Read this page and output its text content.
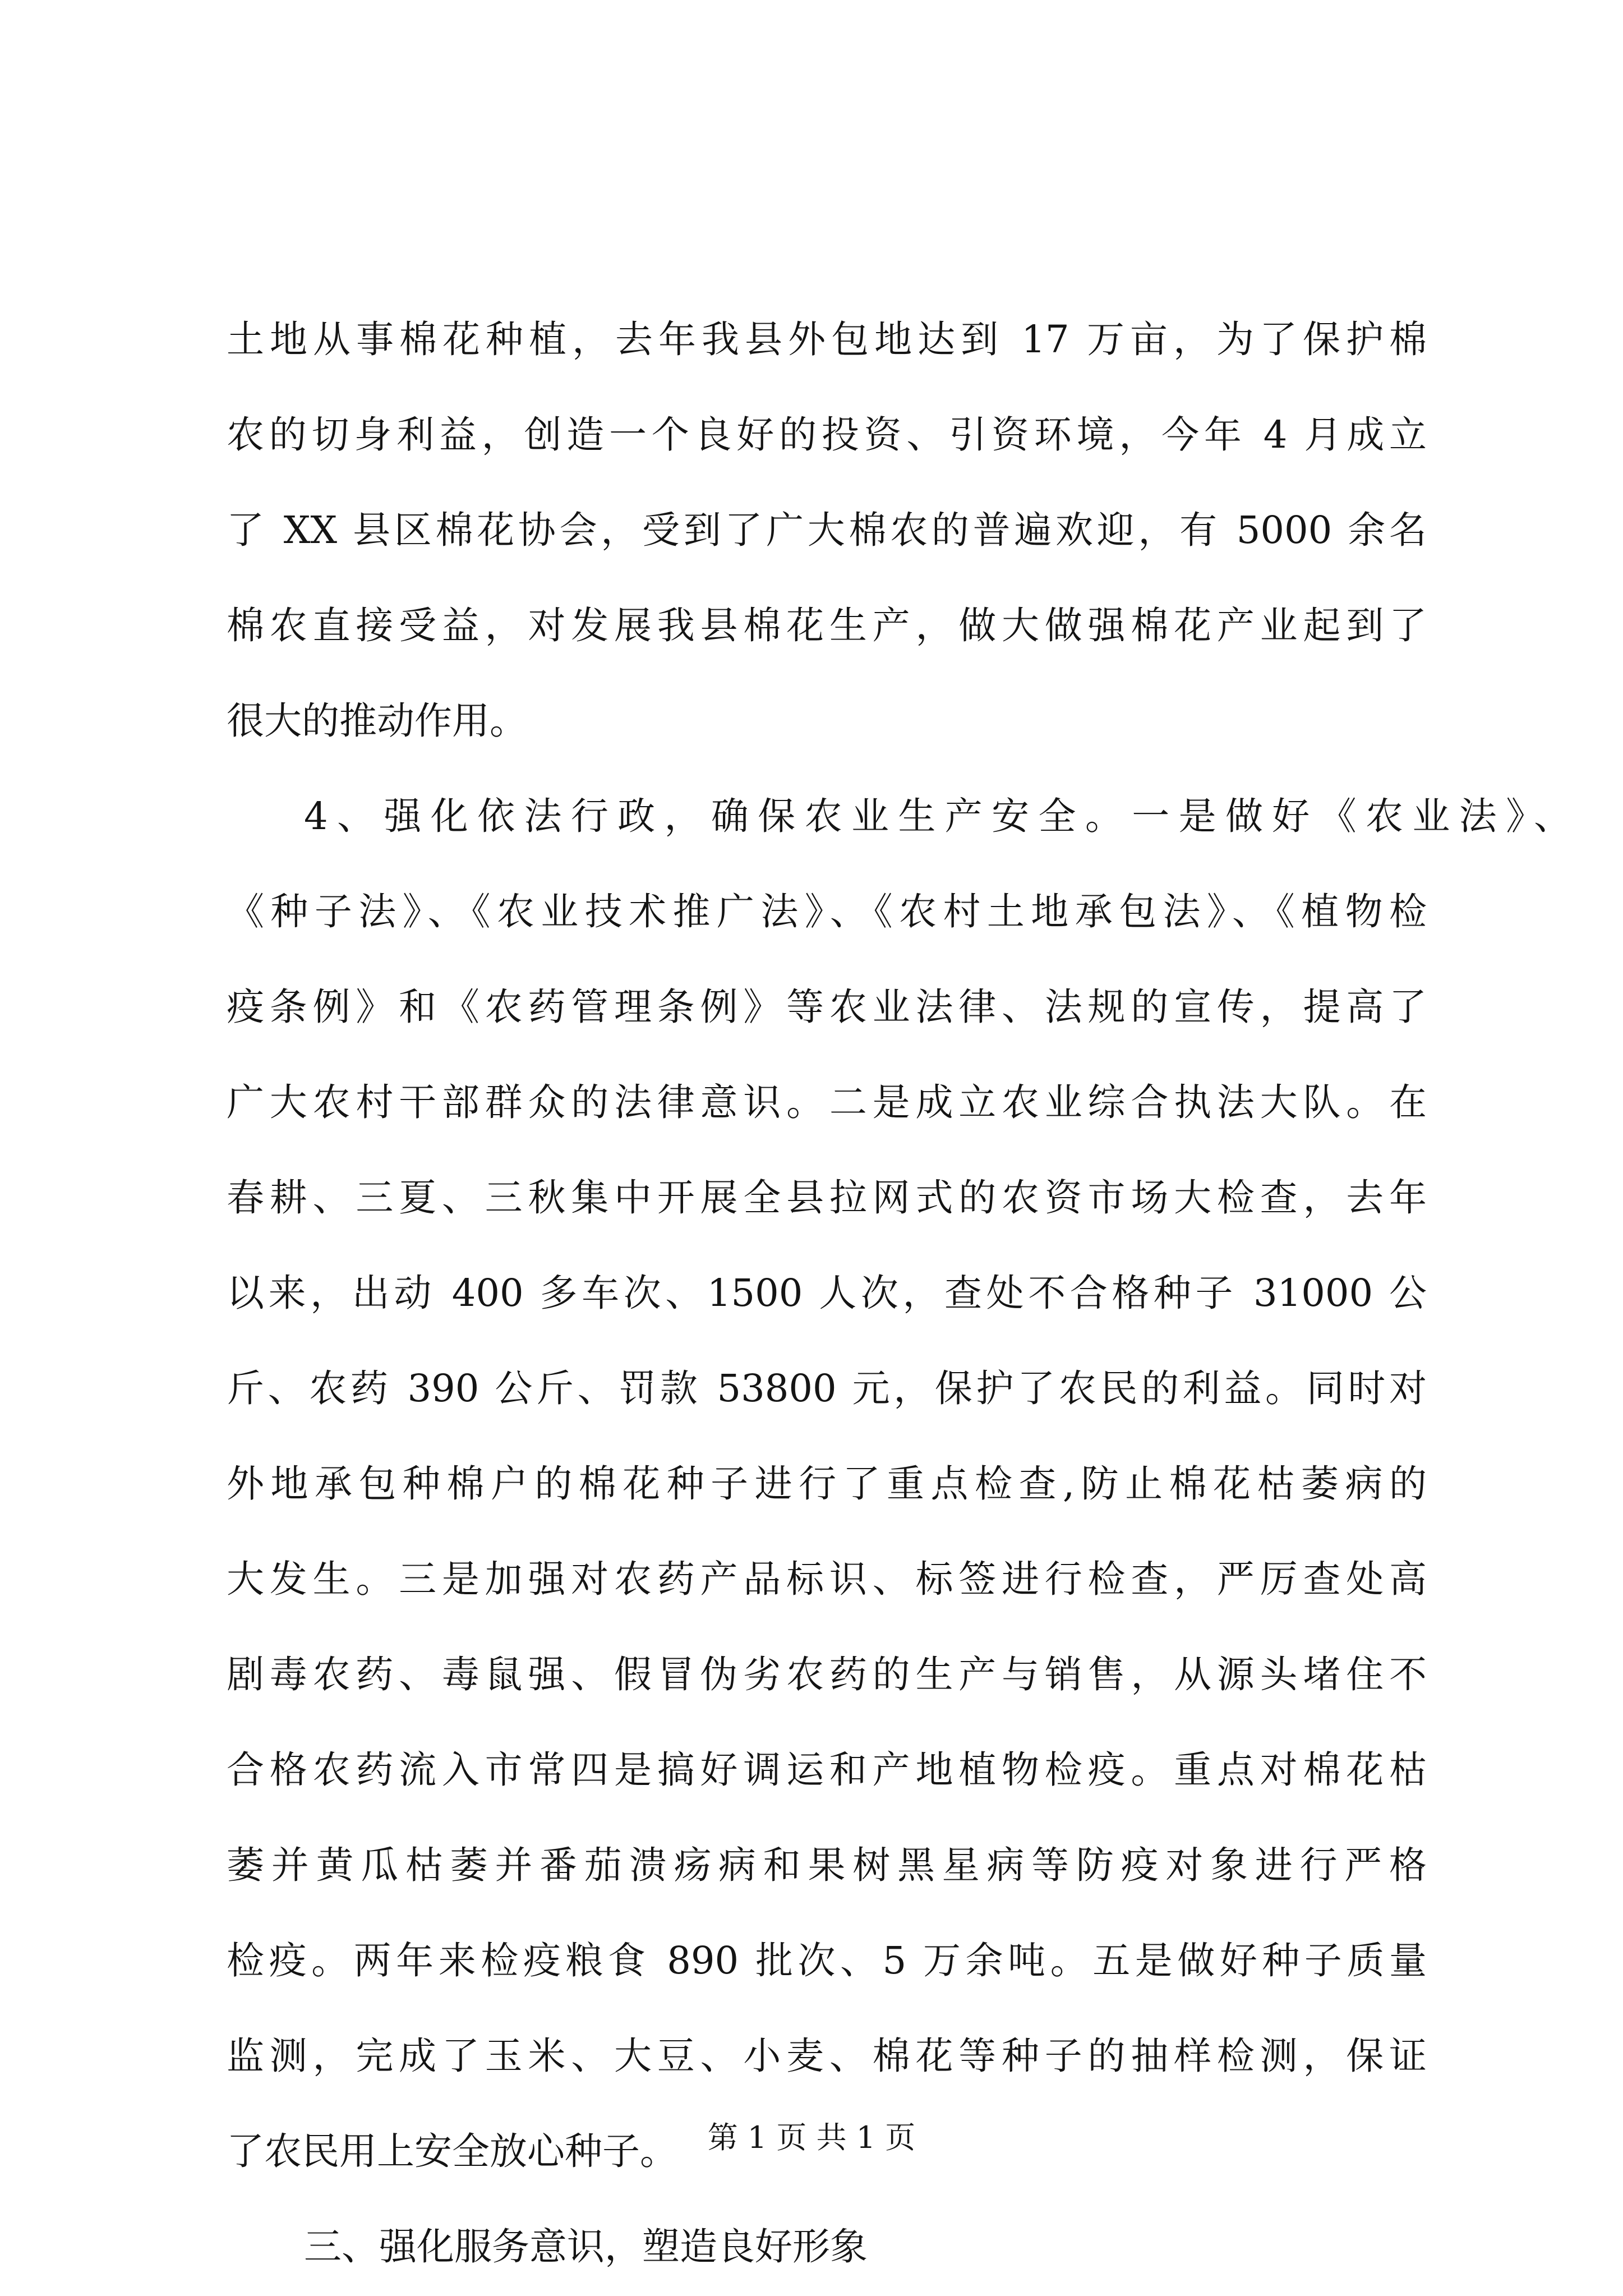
土地从事棉花种植，去年我县外包地达到 17 万亩，为了保护棉
农的切身利益，创造一个良好的投资、引资环境，今年 4 月成立
了 XX 县区棉花协会，受到了广大棉农的普遍欢迎，有 5000 余名
棉农直接受益，对发展我县棉花生产，做大做强棉花产业起到了
很大的推动作用。
4、强化依法行政，确保农业生产安全。一是做好《农业法》、
《种子法》、《农业技术推广法》、《农村土地承包法》、《植物检
疫条例》和《农药管理条例》等农业法律、法规的宣传，提高了
广大农村干部群众的法律意识。二是成立农业综合执法大队。在
春耕、三夏、三秋集中开展全县拉网式的农资市场大检查，去年
以来，出动 400 多车次、1500 人次，查处不合格种子 31000 公
斤、农药 390 公斤、罚款 53800 元，保护了农民的利益。同时对
外地承包种棉户的棉花种子进行了重点检查,防止棉花枯萎病的
大发生。三是加强对农药产品标识、标签进行检查，严厉查处高
剧毒农药、毒鼠强、假冒伪劣农药的生产与销售，从源头堵住不
合格农药流入市常四是搞好调运和产地植物检疫。重点对棉花枯
萎并黄瓜枯萎并番茄溃疡病和果树黑星病等防疫对象进行严格
检疫。两年来检疫粮食 890 批次、5 万余吨。五是做好种子质量
监测，完成了玉米、大豆、小麦、棉花等种子的抽样检测，保证
了农民用上安全放心种子。
三、强化服务意识，塑造良好形象
第 1 页 共 1 页
